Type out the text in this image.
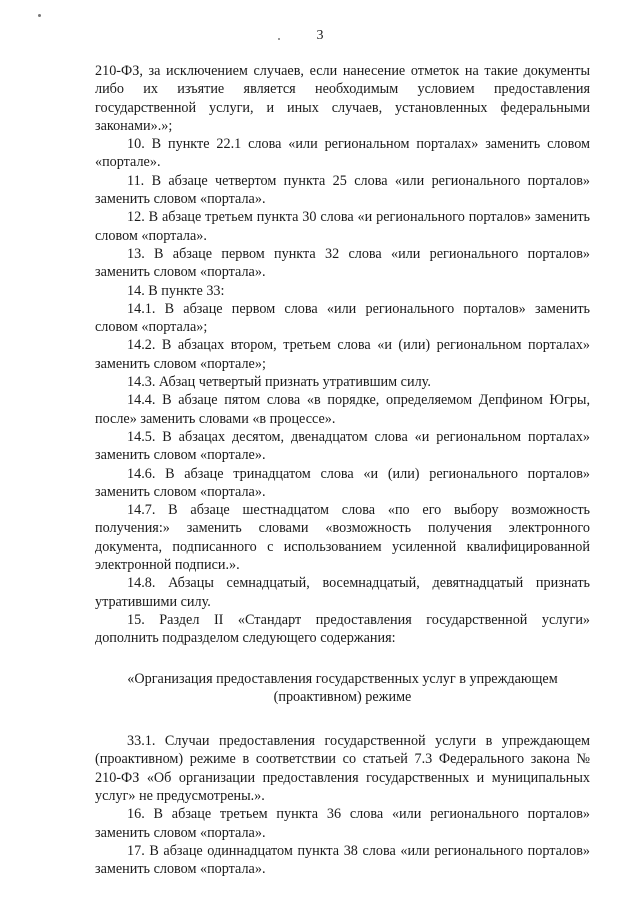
3

210-ФЗ, за исключением случаев, если нанесение отметок на такие документы либо их изъятие является необходимым условием предоставления государственной услуги, и иных случаев, установленных федеральными законами».»;

10. В пункте 22.1 слова «или региональном порталах» заменить словом «портале».

11. В абзаце четвертом пункта 25 слова «или регионального порталов» заменить словом «портала».

12. В абзаце третьем пункта 30 слова «и регионального порталов» заменить словом «портала».

13. В абзаце первом пункта 32 слова «или регионального порталов» заменить словом «портала».

14. В пункте 33:

14.1. В абзаце первом слова «или регионального порталов» заменить словом «портала»;

14.2. В абзацах втором, третьем слова «и (или) региональном порталах» заменить словом «портале»;

14.3. Абзац четвертый признать утратившим силу.

14.4. В абзаце пятом слова «в порядке, определяемом Депфином Югры, после» заменить словами «в процессе».

14.5. В абзацах десятом, двенадцатом слова «и региональном порталах» заменить словом «портале».

14.6. В абзаце тринадцатом слова «и (или) регионального порталов» заменить словом «портала».

14.7. В абзаце шестнадцатом слова «по его выбору возможность получения:» заменить словами «возможность получения электронного документа, подписанного с использованием усиленной квалифицированной электронной подписи.».

14.8. Абзацы семнадцатый, восемнадцатый, девятнадцатый признать утратившими силу.

15. Раздел II «Стандарт предоставления государственной услуги» дополнить подразделом следующего содержания:

«Организация предоставления государственных услуг в упреждающем
(проактивном) режиме

33.1. Случаи предоставления государственной услуги в упреждающем (проактивном) режиме в соответствии со статьей 7.3 Федерального закона № 210-ФЗ «Об организации предоставления государственных и муниципальных услуг» не предусмотрены.».

16. В абзаце третьем пункта 36 слова «или регионального порталов» заменить словом «портала».

17. В абзаце одиннадцатом пункта 38 слова «или регионального порталов» заменить словом «портала».
